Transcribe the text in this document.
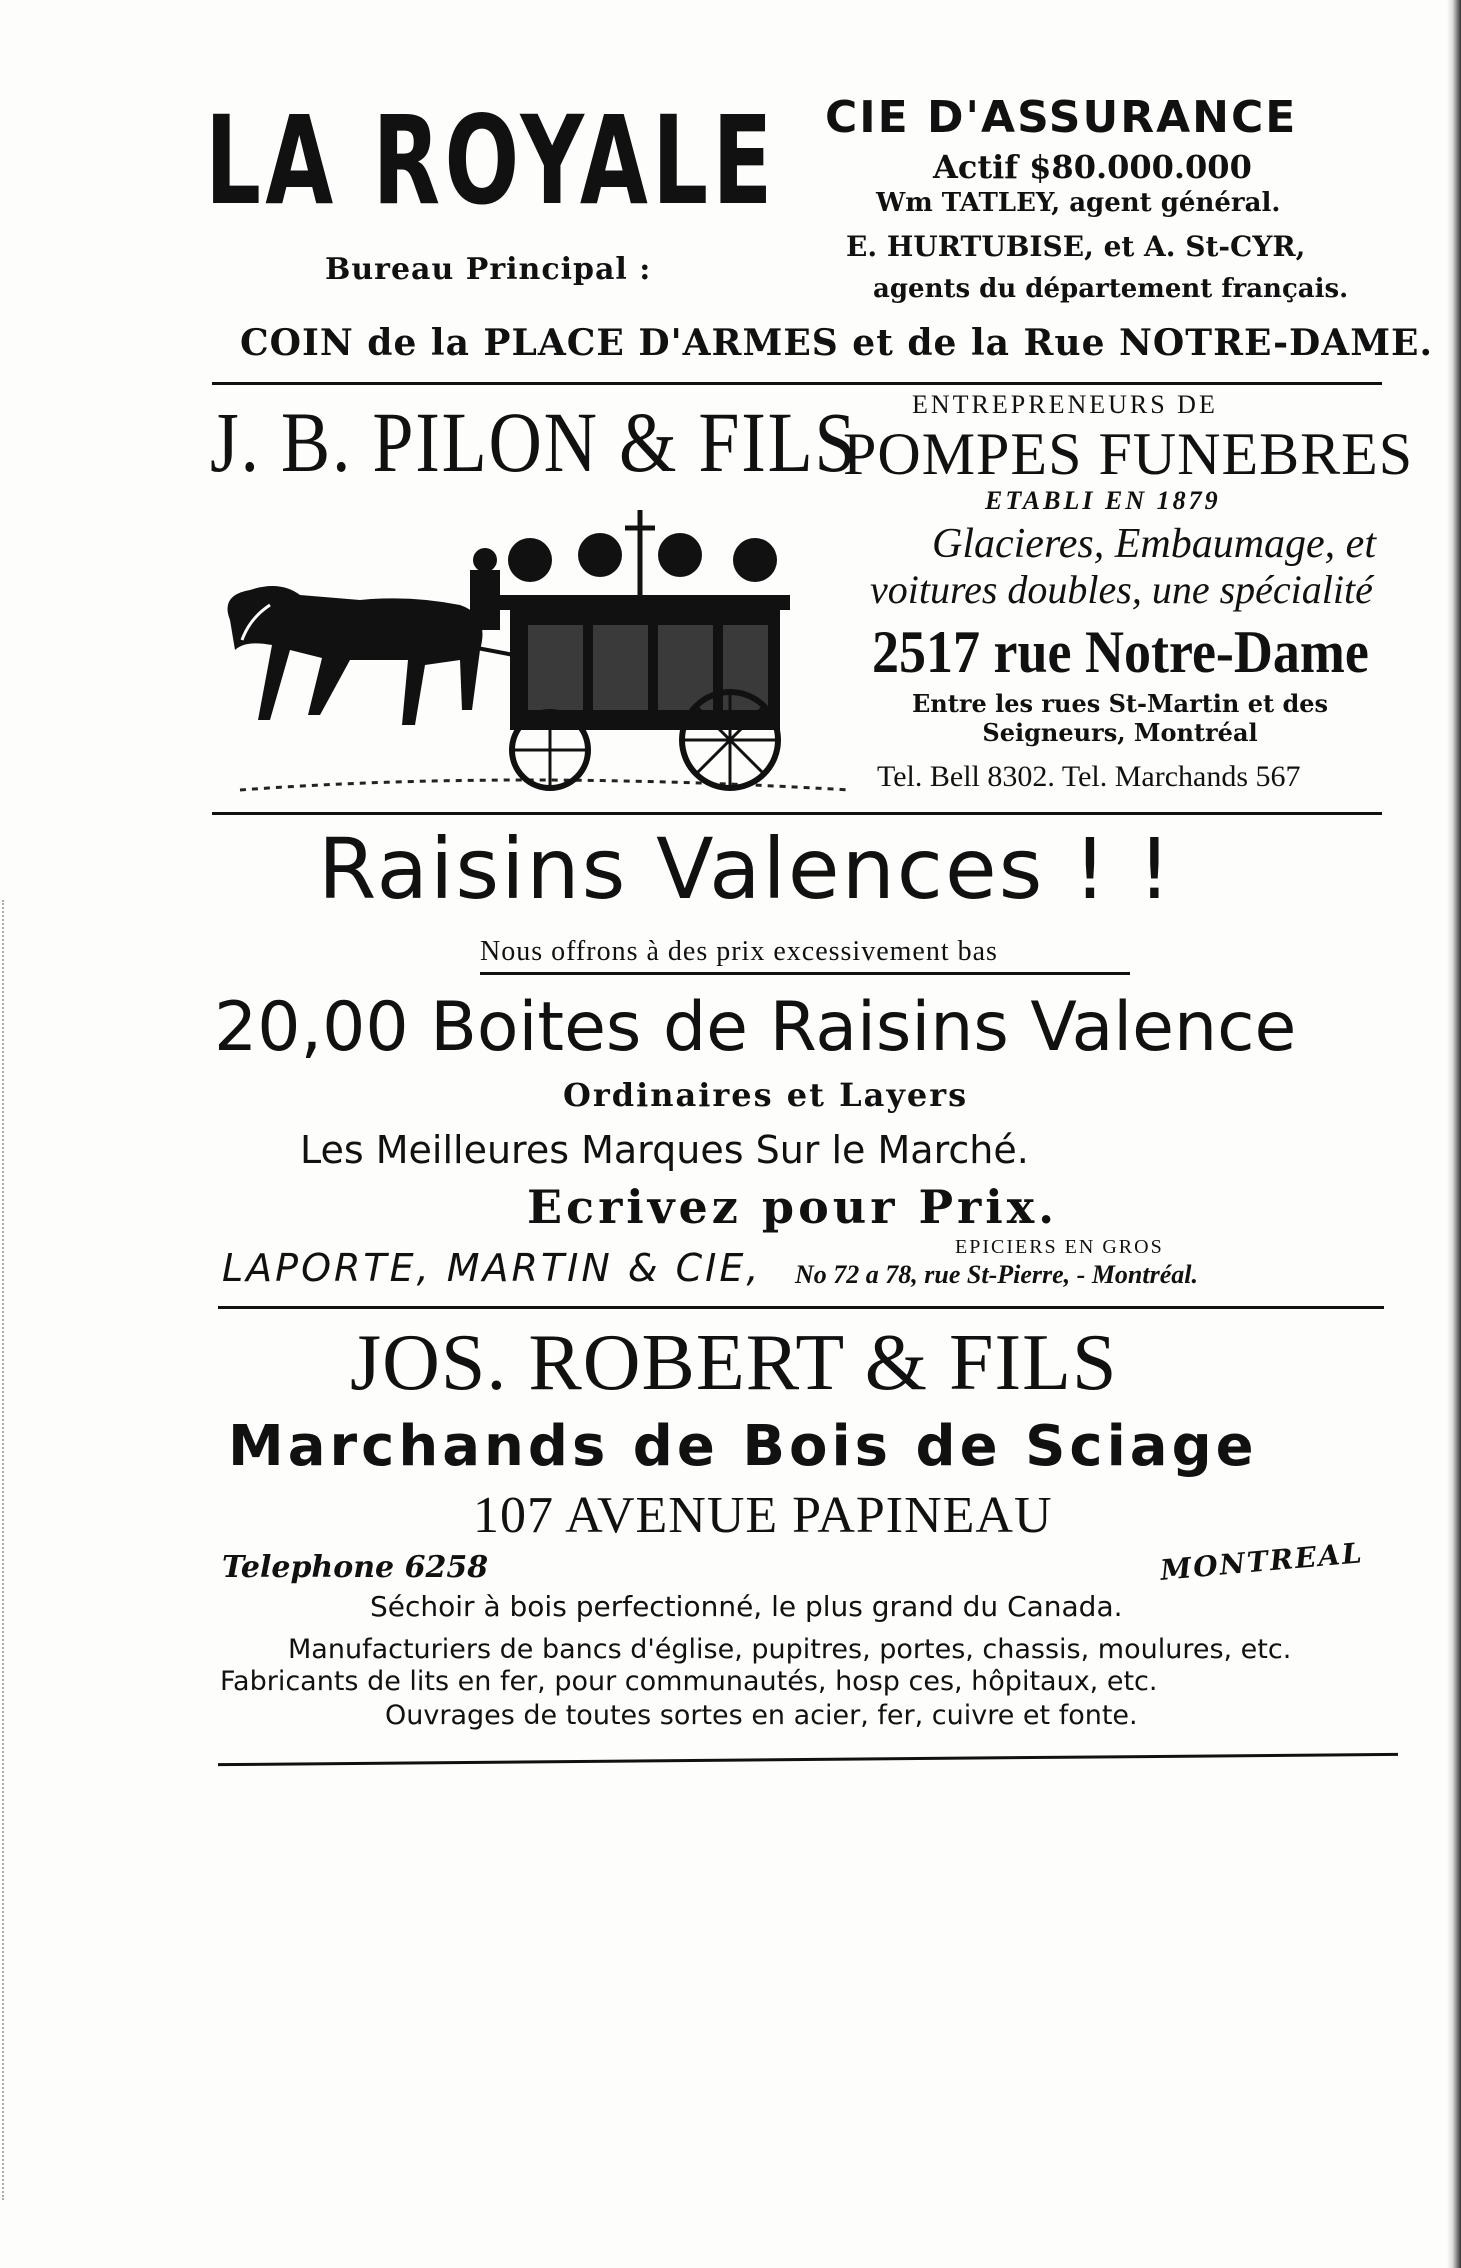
LA ROYALE
Bureau Principal :
CIE D'ASSURANCE
Actif $80.000.000
Wm TATLEY, agent général.
E. HURTUBISE, et A. St-CYR,
agents du département français.
COIN de la PLACE D'ARMES et de la Rue NOTRE-DAME.
J. B. PILON & FILS ENTREPRENEURS DE
POMPES FUNEBRES
ETABLI EN 1879
Glacieres, Embaumage, et
voitures doubles, une spécialité
2517 rue Notre-Dame
Entre les rues St-Martin et des
Seigneurs, Montréal
Tel. Bell 8302. Tel. Marchands 567
Raisins Valences ! !
Nous offrons à des prix excessivement bas
20,00 Boites de Raisins Valence
Ordinaires et Layers
Les Meilleures Marques Sur le Marché.
Ecrivez pour Prix.
LAPORTE, MARTIN & CIE,	EPICIERS EN GROS
No 72 a 78, rue St-Pierre, - Montréal.
JOS. ROBERT & FILS
Marchands de Bois de Sciage
107 AVENUE PAPINEAU
Telephone 6258	MONTREAL
Séchoir à bois perfectionné, le plus grand du Canada.
Manufacturiers de bancs d'église, pupitres, portes, chassis, moulures, etc.
Fabricants de lits en fer, pour communautés, hosp ces, hôpitaux, etc.
Ouvrages de toutes sortes en acier, fer, cuivre et fonte.
